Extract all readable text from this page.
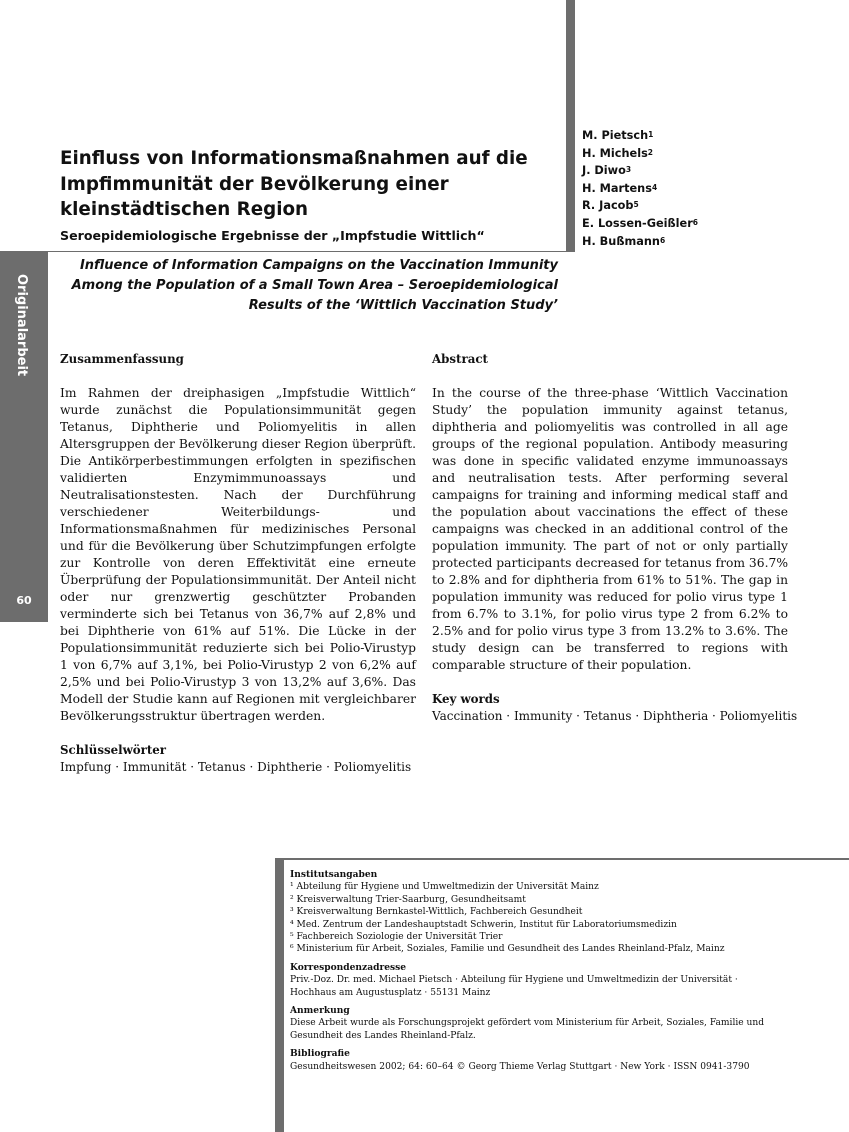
Originalarbeit
60
Einfluss von Informationsmaßnahmen auf die Impfimmunität der Bevölkerung einer kleinstädtischen Region
Seroepidemiologische Ergebnisse der „Impfstudie Wittlich“
M. Pietsch$^1$
H. Michels$^2$
J. Diwo$^3$
H. Martens$^4$
R. Jacob$^5$
E. Lossen-Geißler$^6$
H. Bußmann$^6$
Influence of Information Campaigns on the Vaccination Immunity Among the Population of a Small Town Area – Seroepidemiological Results of the ‘Wittlich Vaccination Study’
Zusammenfassung

Im Rahmen der dreiphasigen „Impfstudie Wittlich“ wurde zunächst die Populationsimmunität gegen Tetanus, Diphtherie und Poliomyelitis in allen Altersgruppen der Bevölkerung dieser Region überprüft. Die Antikörperbestimmungen erfolgten in spezifischen validierten Enzymimmunoassays und Neutralisationstesten. Nach der Durchführung verschiedener Weiterbildungs- und Informationsmaßnahmen für medizinisches Personal und für die Bevölkerung über Schutzimpfungen erfolgte zur Kontrolle von deren Effektivität eine erneute Überprüfung der Populationsimmunität. Der Anteil nicht oder nur grenzwertig geschützter Probanden verminderte sich bei Tetanus von 36,7% auf 2,8% und bei Diphtherie von 61% auf 51%. Die Lücke in der Populationsimmunität reduzierte sich bei Polio-Virustyp 1 von 6,7% auf 3,1%, bei Polio-Virustyp 2 von 6,2% auf 2,5% und bei Polio-Virustyp 3 von 13,2% auf 3,6%. Das Modell der Studie kann auf Regionen mit vergleichbarer Bevölkerungsstruktur übertragen werden.

Schlüsselwörter
Impfung · Immunität · Tetanus · Diphtherie · Poliomyelitis
Abstract

In the course of the three-phase ‘Wittlich Vaccination Study’ the population immunity against tetanus, diphtheria and poliomyelitis was controlled in all age groups of the regional population. Antibody measuring was done in specific validated enzyme immunoassays and neutralisation tests. After performing several campaigns for training and informing medical staff and the population about vaccinations the effect of these campaigns was checked in an additional control of the population immunity. The part of not or only partially protected participants decreased for tetanus from 36.7% to 2.8% and for diphtheria from 61% to 51%. The gap in population immunity was reduced for polio virus type 1 from 6.7% to 3.1%, for polio virus type 2 from 6.2% to 2.5% and for polio virus type 3 from 13.2% to 3.6%. The study design can be transferred to regions with comparable structure of their population.

Key words
Vaccination · Immunity · Tetanus · Diphtheria · Poliomyelitis
Institutsangaben
¹ Abteilung für Hygiene und Umweltmedizin der Universität Mainz
² Kreisverwaltung Trier-Saarburg, Gesundheitsamt
³ Kreisverwaltung Bernkastel-Wittlich, Fachbereich Gesundheit
⁴ Med. Zentrum der Landeshauptstadt Schwerin, Institut für Laboratoriumsmedizin
⁵ Fachbereich Soziologie der Universität Trier
⁶ Ministerium für Arbeit, Soziales, Familie und Gesundheit des Landes Rheinland-Pfalz, Mainz
Korrespondenzadresse
Priv.-Doz. Dr. med. Michael Pietsch · Abteilung für Hygiene und Umweltmedizin der Universität ·
Hochhaus am Augustusplatz · 55131 Mainz
Anmerkung
Diese Arbeit wurde als Forschungsprojekt gefördert vom Ministerium für Arbeit, Soziales, Familie und
Gesundheit des Landes Rheinland-Pfalz.
Bibliografie
Gesundheitswesen 2002; 64: 60–64 © Georg Thieme Verlag Stuttgart · New York · ISSN 0941-3790
